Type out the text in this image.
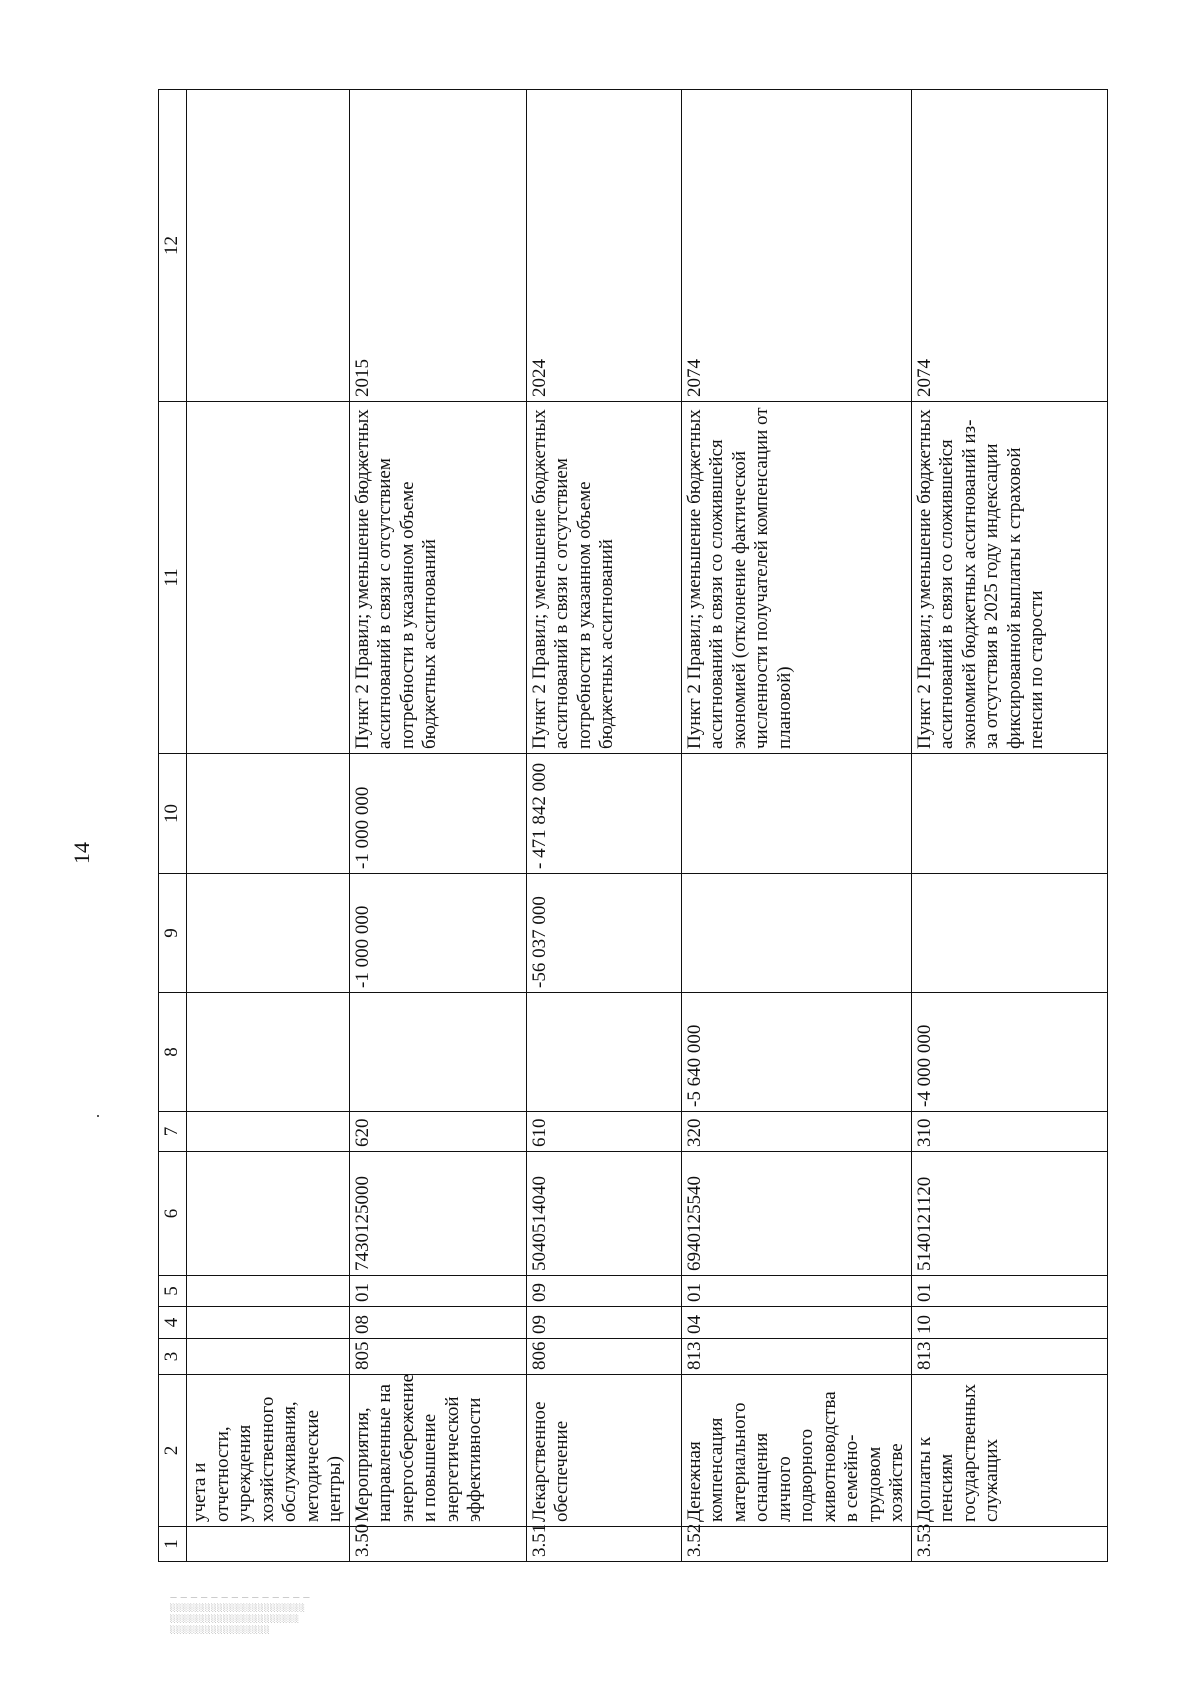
14
1	2	3	4	5	6	7	8	9	10	11	12
	учета и отчетности, учреждения хозяйственного обслуживания, методические центры)										
3.50	Мероприятия, направленные на энергосбережение и повышение энергетической эффективности	805	08	01	7430125000	620		-1 000 000	-1 000 000	Пункт 2 Правил; уменьшение бюджетных ассигнований в связи с отсутствием потребности в указанном объеме бюджетных ассигнований	2015
3.51	Лекарственное обеспечение	806	09	09	5040514040	610		-56 037 000	- 471 842 000	Пункт 2 Правил; уменьшение бюджетных ассигнований в связи с отсутствием потребности в указанном объеме бюджетных ассигнований	2024
3.52	Денежная компенсация материального оснащения личного подворного животноводства в семейно-трудовом хозяйстве	813	04	01	6940125540	320	-5 640 000			Пункт 2 Правил; уменьшение бюджетных ассигнований в связи со сложившейся экономией (отклонение фактической численности получателей компенсации от плановой)	2074
3.53	Доплаты к пенсиям государственных служащих	813	10	01	5140121120	310	-4 000 000			Пункт 2 Правил; уменьшение бюджетных ассигнований в связи со сложившейся экономией бюджетных ассигнований из-за отсутствия в 2025 году индексации фиксированной выплаты к страховой пенсии по старости	2074
— — — — — — — — — — — — — —
░░░░░░░░░░░░░░░░░░░░░░░
░░░░░░░░░░░░░░░░░░░░░░
░░░░░░░░░░░░░░░░░
